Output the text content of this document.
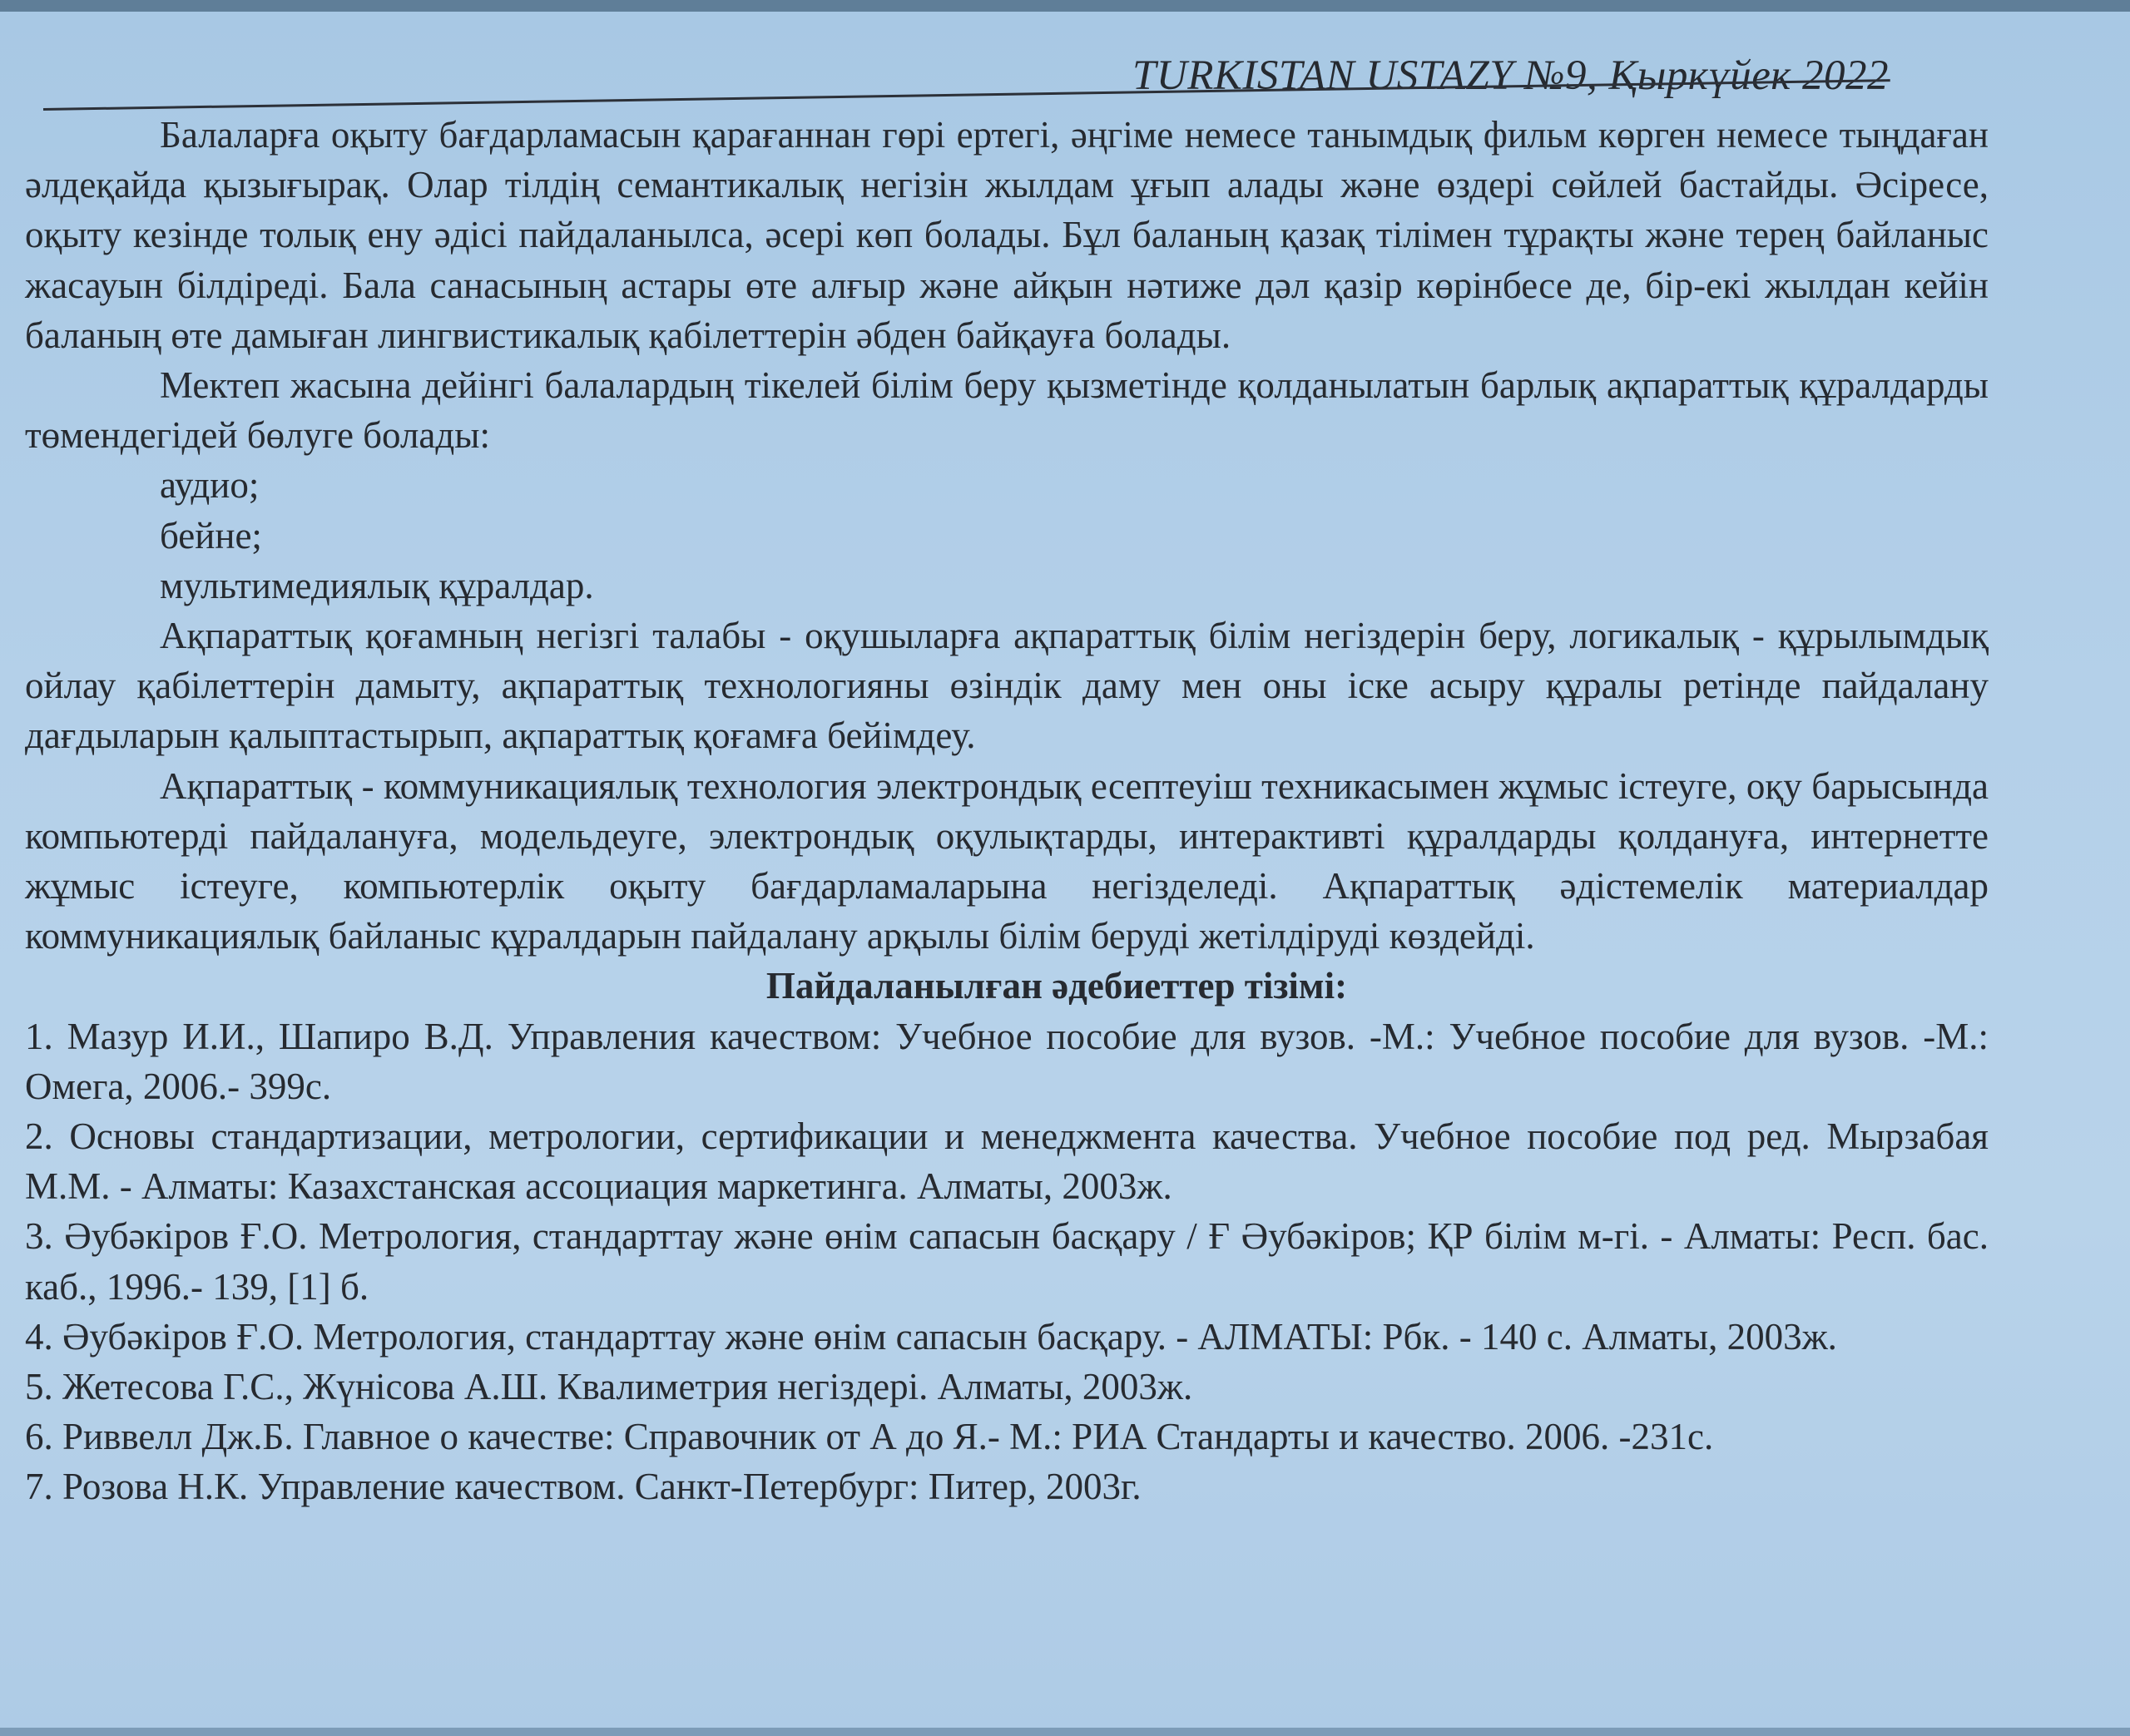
TURKISTAN USTAZY №9, Қыркүйек 2022

Балаларға оқыту бағдарламасын қарағаннан гөрі ертегі, әңгіме немесе танымдық фильм көрген немесе тыңдаған әлдеқайда қызығырақ. Олар тілдің семантикалық негізін жылдам ұғып алады және өздері сөйлей бастайды. Әсіресе, оқыту кезінде толық ену әдісі пайдаланылса, әсері көп болады. Бұл баланың қазақ тілімен тұрақты және терең байланыс жасауын білдіреді. Бала санасының астары өте алғыр және айқын нәтиже дәл қазір көрінбесе де, бір-екі жылдан кейін баланың өте дамыған лингвистикалық қабілеттерін әбден байқауға болады.

Мектеп жасына дейінгі балалардың тікелей білім беру қызметінде қолданылатын барлық ақпараттық құралдарды төмендегідей бөлуге болады:

аудио;

бейне;

мультимедиялық құралдар.

Ақпараттық қоғамның негізгі талабы - оқушыларға ақпараттық білім негіздерін беру, логикалық - құрылымдық ойлау қабілеттерін дамыту, ақпараттық технологияны өзіндік даму мен оны іске асыру құралы ретінде пайдалану дағдыларын қалыптастырып, ақпараттық қоғамға бейімдеу.

Ақпараттық - коммуникациялық технология электрондық есептеуіш техникасымен жұмыс істеуге, оқу барысында компьютерді пайдалануға, модельдеуге, электрондық оқулықтарды, интерактивті құралдарды қолдануға, интернетте жұмыс істеуге, компьютерлік оқыту бағдарламаларына негізделеді. Ақпараттық әдістемелік материалдар коммуникациялық байланыс құралдарын пайдалану арқылы білім беруді жетілдіруді көздейді.

Пайдаланылған әдебиеттер тізімі:

1. Мазур И.И., Шапиро В.Д. Управления качеством: Учебное пособие для вузов. -М.: Учебное пособие для вузов. -М.: Омега, 2006.- 399с.

2. Основы стандартизации, метрологии, сертификации и менеджмента качества. Учебное пособие под ред. Мырзабая М.М. - Алматы: Казахстанская ассоциация маркетинга. Алматы, 2003ж.

3. Әубәкіров Ғ.О. Метрология, стандарттау және өнім сапасын басқару / Ғ Әубәкіров; ҚР білім м-гі. - Алматы: Респ. бас. каб., 1996.- 139, [1] б.

4. Әубәкіров Ғ.О. Метрология, стандарттау және өнім сапасын басқару. - АЛМАТЫ: Рбк. - 140 с. Алматы, 2003ж.

5. Жетесова Г.С., Жүнісова А.Ш. Квалиметрия негіздері. Алматы, 2003ж.

6. Риввелл Дж.Б. Главное о качестве: Справочник от А до Я.- М.: РИА Стандарты и качество. 2006. -231с.

7. Розова Н.К. Управление качеством. Санкт-Петербург: Питер, 2003г.
